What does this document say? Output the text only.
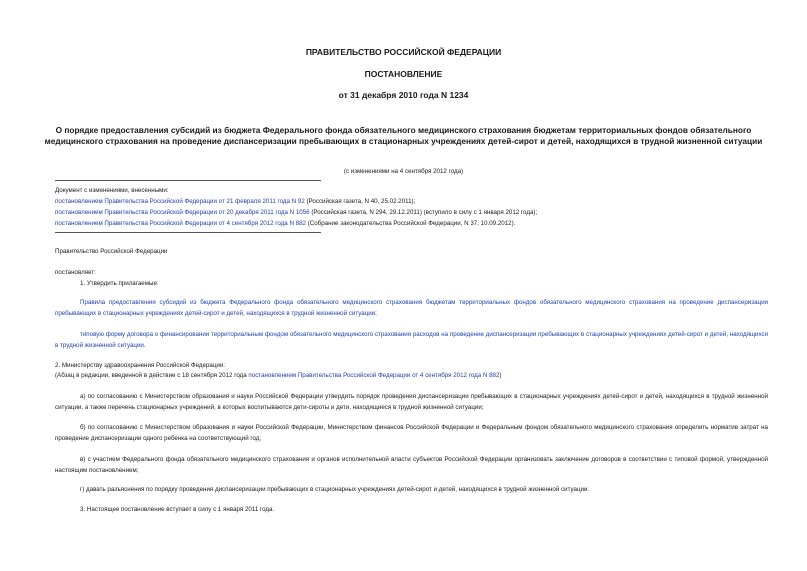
ПРАВИТЕЛЬСТВО РОССИЙСКОЙ ФЕДЕРАЦИИ
ПОСТАНОВЛЕНИЕ
от 31 декабря 2010 года N 1234
О порядке предоставления субсидий из бюджета Федерального фонда обязательного медицинского страхования бюджетам территориальных фондов обязательного медицинского страхования на проведение диспансеризации пребывающих в стационарных учреждениях детей-сирот и детей, находящихся в трудной жизненной ситуации
(с изменениями на 4 сентября 2012 года)
Документ с изменениями, внесенными:
постановлением Правительства Российской Федерации от 21 февраля 2011 года N 92 (Российская газета, N 40, 25.02.2011);
постановлением Правительства Российской Федерации от 20 декабря 2011 года N 1056 (Российская газета, N 294, 29.12.2011) (вступило в силу с 1 января 2012 года);
постановлением Правительства Российской Федерации от 4 сентября 2012 года N 882 (Собрание законодательства Российской Федерации, N 37, 10.09.2012).
Правительство Российской Федерации
постановляет:
1. Утвердить прилагаемые:
Правила предоставления субсидий из бюджета Федерального фонда обязательного медицинского страхования бюджетам территориальных фондов обязательного медицинского страхования на проведение диспансеризации пребывающих в стационарных учреждениях детей-сирот и детей, находящихся в трудной жизненной ситуации;
типовую форму договора о финансировании территориальным фондом обязательного медицинского страхования расходов на проведение диспансеризации пребывающих в стационарных учреждениях детей-сирот и детей, находящихся в трудной жизненной ситуации.
2. Министерству здравоохранения Российской Федерации:
(Абзац в редакции, введенной в действие с 18 сентября 2012 года постановлением Правительства Российской Федерации от 4 сентября 2012 года N 882)
а) по согласованию с Министерством образования и науки Российской Федерации утвердить порядок проведения диспансеризации пребывающих в стационарных учреждениях детей-сирот и детей, находящихся в трудной жизненной ситуации, а также перечень стационарных учреждений, в которых воспитываются дети-сироты и дети, находящиеся в трудной жизненной ситуации;
б) по согласованию с Министерством образования и науки Российской Федерации, Министерством финансов Российской Федерации и Федеральным фондом обязательного медицинского страхования определить норматив затрат на проведение диспансеризации одного ребенка на соответствующий год;
в) с участием Федерального фонда обязательного медицинского страхования и органов исполнительной власти субъектов Российской Федерации организовать заключение договоров в соответствии с типовой формой, утвержденной настоящим постановлением;
г) давать разъяснения по порядку проведения диспансеризации пребывающих в стационарных учреждениях детей-сирот и детей, находящихся в трудной жизненной ситуации.
3. Настоящее постановление вступает в силу с 1 января 2011 года.
